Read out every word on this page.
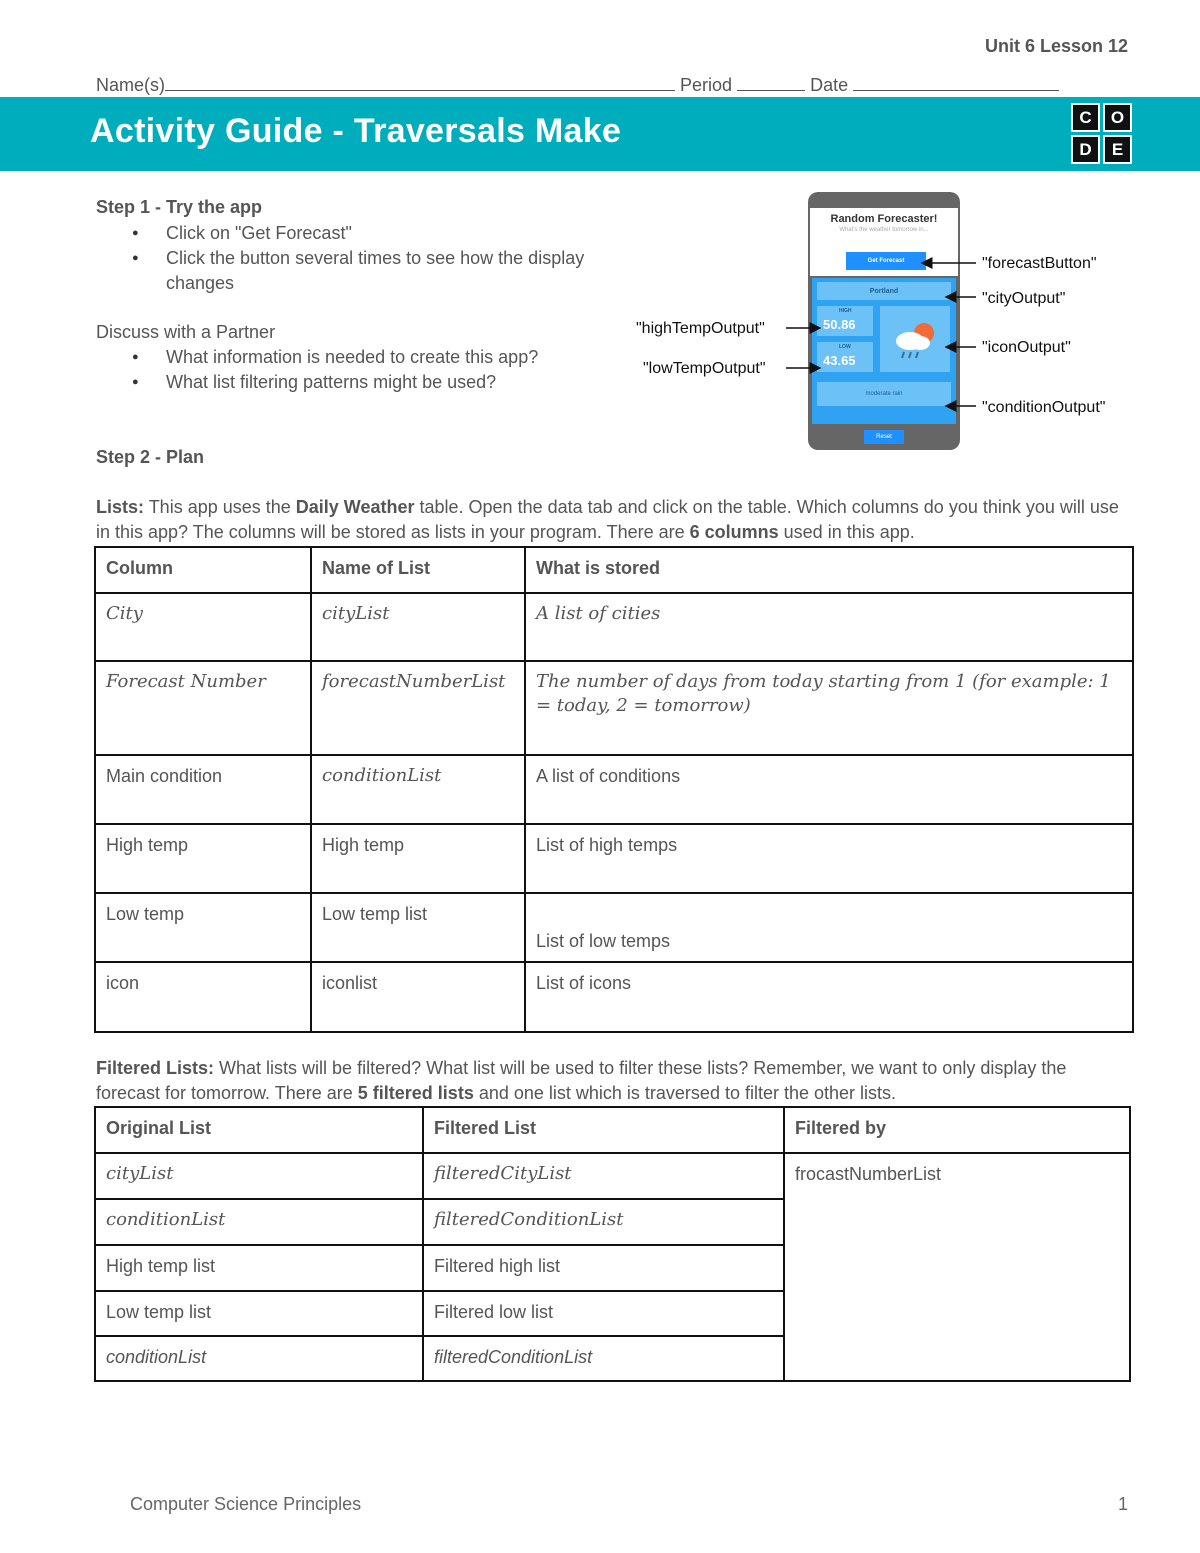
Unit 6 Lesson 12
Name(s)	Period	Date
Activity Guide - Traversals Make	C	O
D	E
Step 1 - Try the app
● Click on "Get Forecast"
● Click the button several times to see how the display changes
Discuss with a Partner
● What information is needed to create this app?
● What list filtering patterns might be used?
Random Forecaster!
What's the weather tomorrow in...
Get Forecast
Portland
HIGH
50.86
LOW
43.65
moderate rain
Reset
"forecastButton"
"cityOutput"
"iconOutput"
"conditionOutput"
"highTempOutput"
"lowTempOutput"
Step 2 - Plan
Lists: This app uses the Daily Weather table. Open the data tab and click on the table. Which columns do you think you will use in this app? The columns will be stored as lists in your program. There are 6 columns used in this app.
Column	Name of List	What is stored
City	cityList	A list of cities
Forecast Number	forecastNumberList	The number of days from today starting from 1 (for example: 1 = today, 2 = tomorrow)
Main condition	conditionList	A list of conditions
High temp	High temp	List of high temps
Low temp	Low temp list	List of low temps
icon	iconlist	List of icons
Filtered Lists: What lists will be filtered? What list will be used to filter these lists? Remember, we want to only display the forecast for tomorrow. There are 5 filtered lists and one list which is traversed to filter the other lists.
Original List	Filtered List	Filtered by
cityList	filteredCityList	frocastNumberList
conditionList	filteredConditionList	
High temp list	Filtered high list	
Low temp list	Filtered low list	
conditionList	filteredConditionList	
Computer Science Principles	1
